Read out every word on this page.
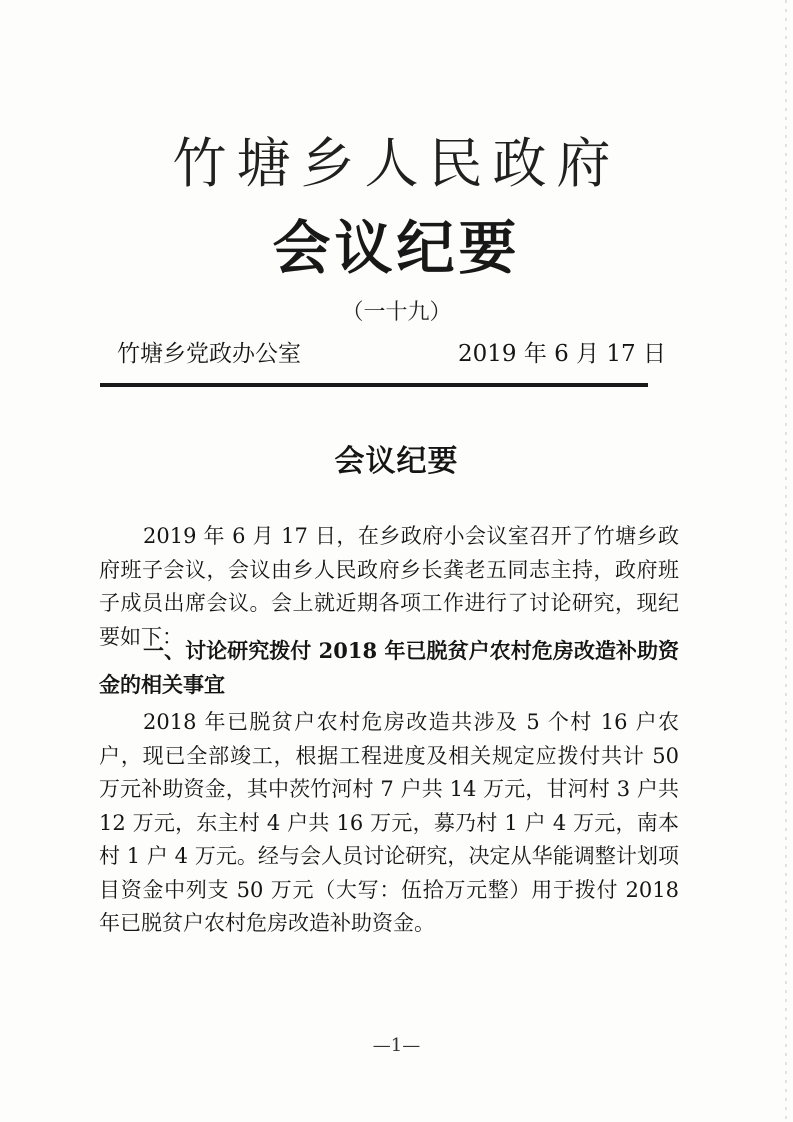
竹塘乡人民政府
会议纪要
（一十九）
竹塘乡党政办公室	2019 年 6 月 17 日
会议纪要
2019 年 6 月 17 日，在乡政府小会议室召开了竹塘乡政府班子会议，会议由乡人民政府乡长龚老五同志主持，政府班子成员出席会议。会上就近期各项工作进行了讨论研究，现纪要如下：
一、讨论研究拨付 2018 年已脱贫户农村危房改造补助资金的相关事宜
2018 年已脱贫户农村危房改造共涉及 5 个村 16 户农户，现已全部竣工，根据工程进度及相关规定应拨付共计 50 万元补助资金，其中茨竹河村 7 户共 14 万元，甘河村 3 户共 12 万元，东主村 4 户共 16 万元，募乃村 1 户 4 万元，南本村 1 户 4 万元。经与会人员讨论研究，决定从华能调整计划项目资金中列支 50 万元（大写：伍拾万元整）用于拨付 2018 年已脱贫户农村危房改造补助资金。
—1—
